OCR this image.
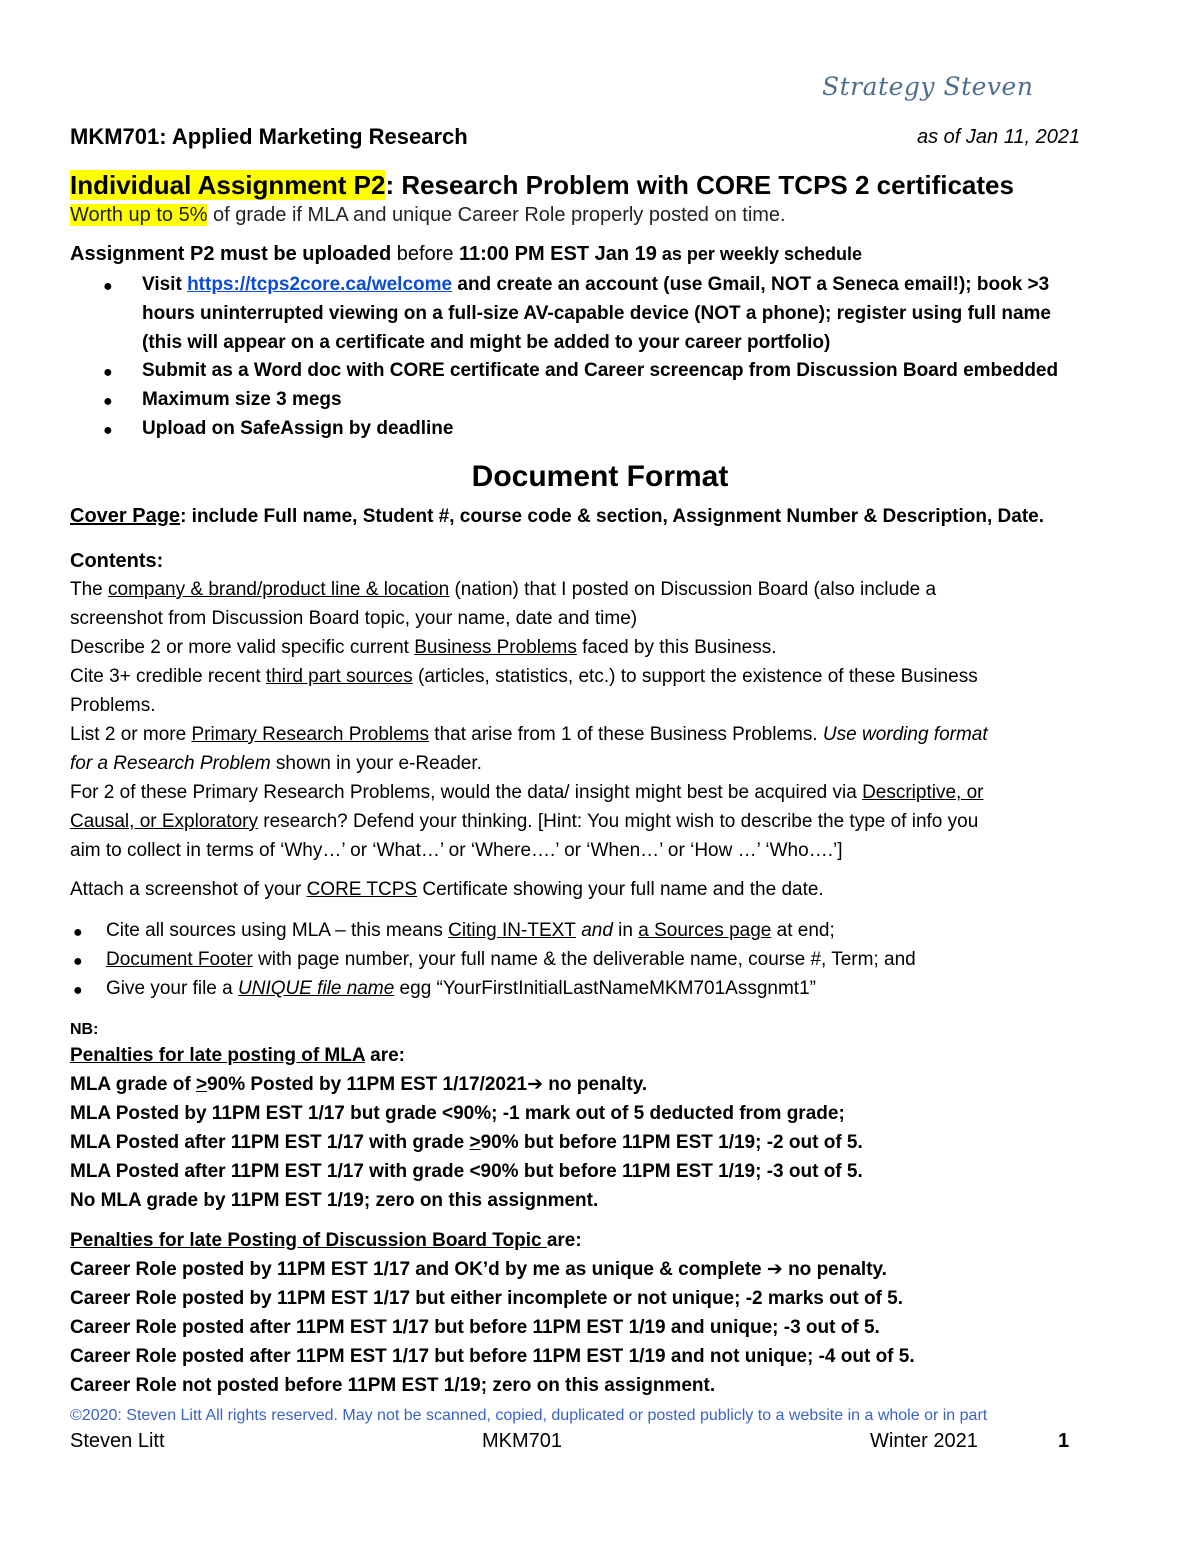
Strategy Steven
MKM701: Applied Marketing Research	as of Jan 11, 2021
Individual Assignment P2: Research Problem with CORE TCPS 2 certificates
Worth up to 5% of grade if MLA and unique Career Role properly posted on time.
Assignment P2 must be uploaded before 11:00 PM EST Jan 19 as per weekly schedule
● Visit https://tcps2core.ca/welcome and create an account (use Gmail, NOT a Seneca email!); book >3
hours uninterrupted viewing on a full-size AV-capable device (NOT a phone); register using full name
(this will appear on a certificate and might be added to your career portfolio)
● Submit as a Word doc with CORE certificate and Career screencap from Discussion Board embedded
● Maximum size 3 megs
● Upload on SafeAssign by deadline
Document Format
Cover Page: include Full name, Student #, course code & section, Assignment Number & Description, Date.
Contents:
The company & brand/product line & location (nation) that I posted on Discussion Board (also include a
screenshot from Discussion Board topic, your name, date and time)
Describe 2 or more valid specific current Business Problems faced by this Business.
Cite 3+ credible recent third part sources (articles, statistics, etc.) to support the existence of these Business
Problems.
List 2 or more Primary Research Problems that arise from 1 of these Business Problems. Use wording format
for a Research Problem shown in your e-Reader.
For 2 of these Primary Research Problems, would the data/ insight might best be acquired via Descriptive, or
Causal, or Exploratory research? Defend your thinking. [Hint: You might wish to describe the type of info you
aim to collect in terms of ‘Why…’ or ‘What…’ or ‘Where….’ or ‘When…’ or ‘How …’ ‘Who….’]
Attach a screenshot of your CORE TCPS Certificate showing your full name and the date.
● Cite all sources using MLA – this means Citing IN-TEXT and in a Sources page at end;
● Document Footer with page number, your full name & the deliverable name, course #, Term; and
● Give your file a UNIQUE file name egg “YourFirstInitialLastNameMKM701Assgnmt1”
NB:
Penalties for late posting of MLA are:
MLA grade of >90% Posted by 11PM EST 1/17/2021➔ no penalty.
MLA Posted by 11PM EST 1/17 but grade <90%; -1 mark out of 5 deducted from grade;
MLA Posted after 11PM EST 1/17 with grade >90% but before 11PM EST 1/19; -2 out of 5.
MLA Posted after 11PM EST 1/17 with grade <90% but before 11PM EST 1/19; -3 out of 5.
No MLA grade by 11PM EST 1/19; zero on this assignment.
Penalties for late Posting of Discussion Board Topic are:
Career Role posted by 11PM EST 1/17 and OK’d by me as unique & complete ➔ no penalty.
Career Role posted by 11PM EST 1/17 but either incomplete or not unique; -2 marks out of 5.
Career Role posted after 11PM EST 1/17 but before 11PM EST 1/19 and unique; -3 out of 5.
Career Role posted after 11PM EST 1/17 but before 11PM EST 1/19 and not unique; -4 out of 5.
Career Role not posted before 11PM EST 1/19; zero on this assignment.
©2020: Steven Litt All rights reserved. May not be scanned, copied, duplicated or posted publicly to a website in a whole or in part
Steven Litt	MKM701	Winter 2021	1
